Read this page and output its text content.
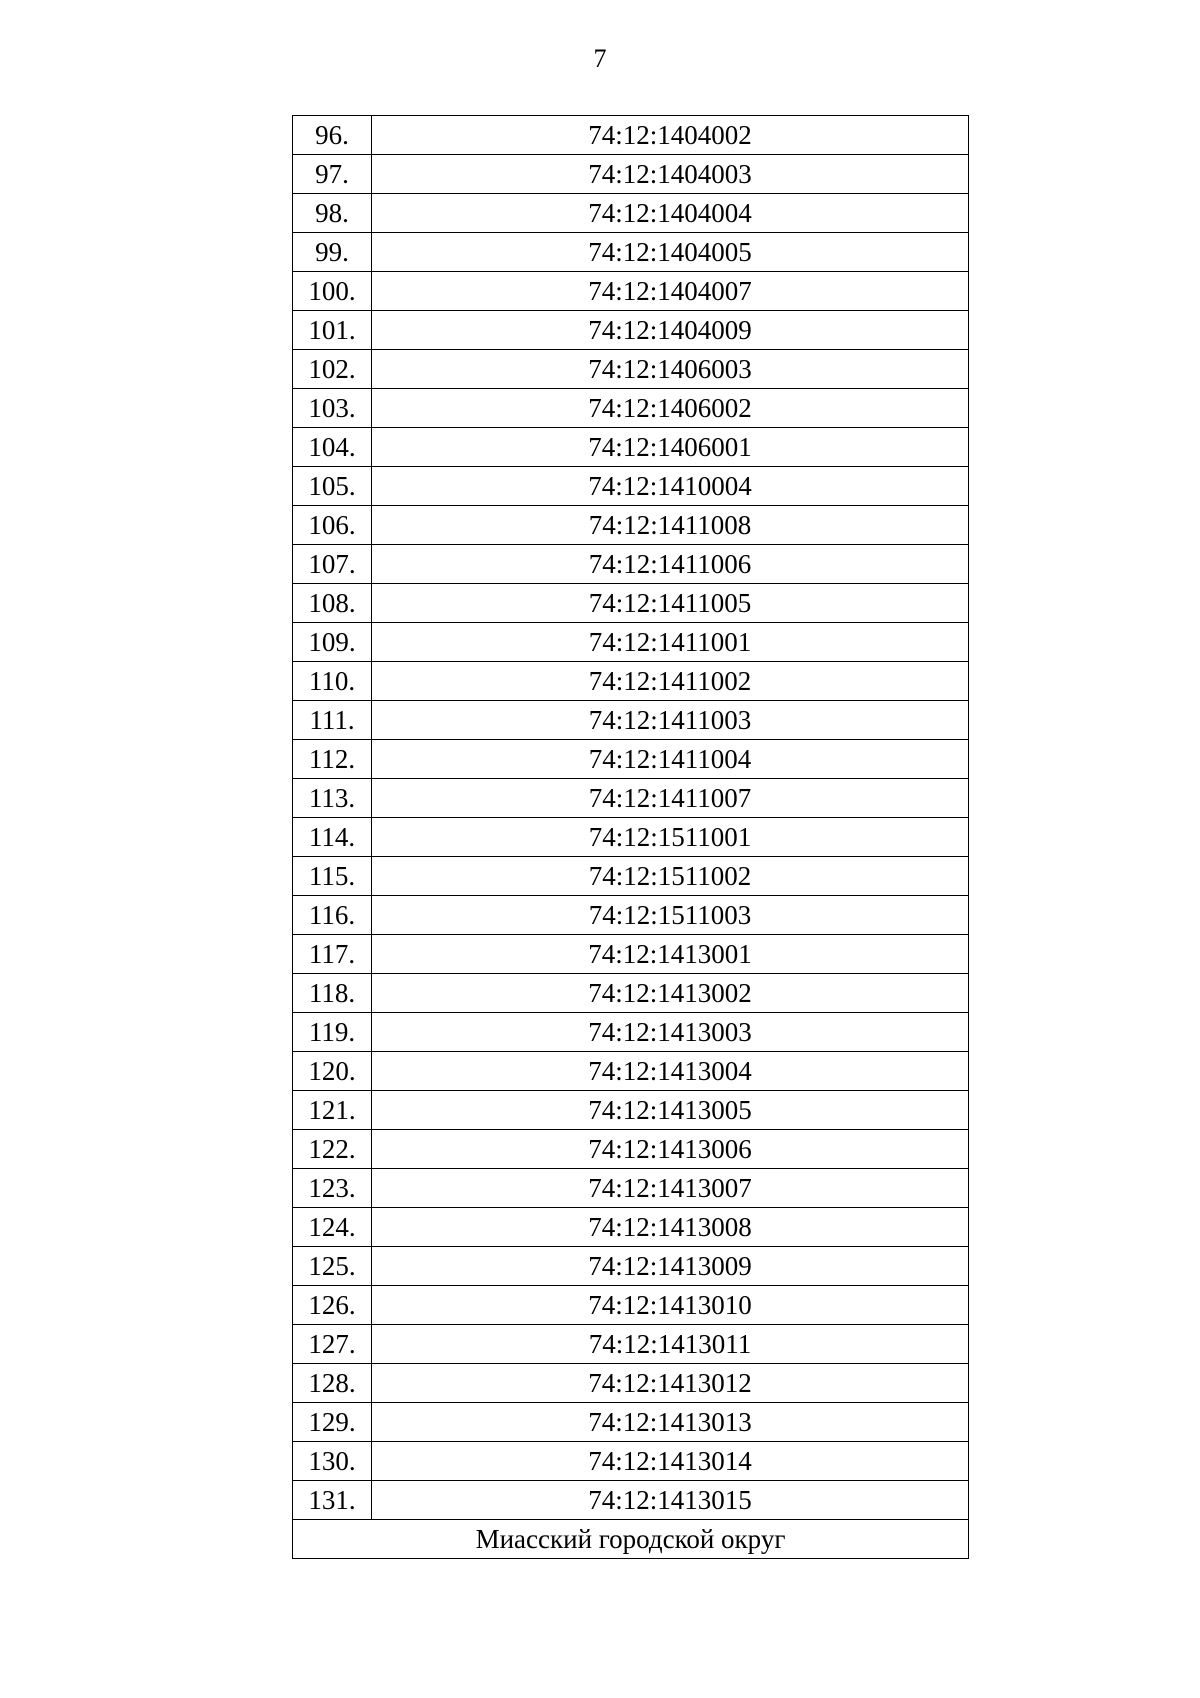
7
96.	74:12:1404002
97.	74:12:1404003
98.	74:12:1404004
99.	74:12:1404005
100.	74:12:1404007
101.	74:12:1404009
102.	74:12:1406003
103.	74:12:1406002
104.	74:12:1406001
105.	74:12:1410004
106.	74:12:1411008
107.	74:12:1411006
108.	74:12:1411005
109.	74:12:1411001
110.	74:12:1411002
111.	74:12:1411003
112.	74:12:1411004
113.	74:12:1411007
114.	74:12:1511001
115.	74:12:1511002
116.	74:12:1511003
117.	74:12:1413001
118.	74:12:1413002
119.	74:12:1413003
120.	74:12:1413004
121.	74:12:1413005
122.	74:12:1413006
123.	74:12:1413007
124.	74:12:1413008
125.	74:12:1413009
126.	74:12:1413010
127.	74:12:1413011
128.	74:12:1413012
129.	74:12:1413013
130.	74:12:1413014
131.	74:12:1413015
Миасский городской округ	
